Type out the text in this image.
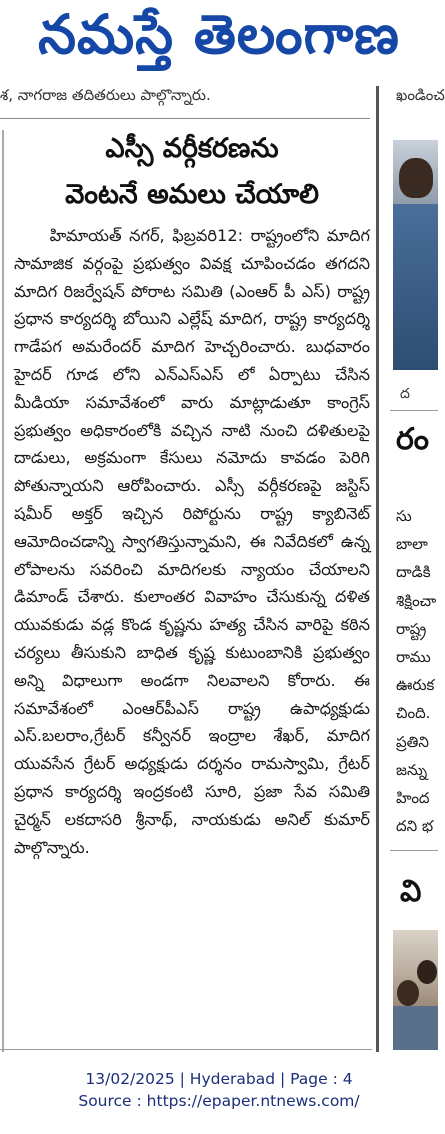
నమస్తే తెలంగాణ
శ, నాగరాజ తదితరులు పాల్గొన్నారు.	ఖండించ
ఎస్సీ వర్గీకరణను
వెంటనే అమలు చేయాలి
హిమాయత్ నగర్, ఫిబ్రవరి12: రాష్ట్రంలోని మాదిగ సామాజిక వర్గంపై ప్రభుత్వం వివక్ష చూపించడం తగదని మాదిగ రిజర్వేషన్ పోరాట సమితి (ఎంఆర్ పీ ఎస్) రాష్ట్ర ప్రధాన కార్యదర్శి బోయిని ఎల్లేష్ మాదిగ, రాష్ట్ర కార్యదర్శి గాడేపగ అమరేందర్ మాదిగ హెచ్చరించారు. బుధవారం హైదర్ గూడ లోని ఎన్ఎస్ఎస్ లో ఏర్పాటు చేసిన మీడియా సమావేశంలో వారు మాట్లాడుతూ కాంగ్రెస్ ప్రభుత్వం అధికారంలోకి వచ్చిన నాటి నుంచి దళితులపై దాడులు, అక్రమంగా కేసులు నమోదు కావడం పెరిగి పోతున్నాయని ఆరోపించారు. ఎస్సీ వర్గీకరణపై జస్టిస్ షమీర్ అక్తర్ ఇచ్చిన రిపోర్టును రాష్ట్ర క్యాబినెట్ ఆమోదించడాన్ని స్వాగతిస్తున్నామని, ఈ నివేదికలో ఉన్న లోపాలను సవరించి మాదిగలకు న్యాయం చేయాలని డిమాండ్ చేశారు. కులాంతర వివాహం చేసుకున్న దళిత యువకుడు వడ్ల కొండ కృష్ణను హత్య చేసిన వారిపై కఠిన చర్యలు తీసుకుని బాధిత కృష్ణ కుటుంబానికి ప్రభుత్వం అన్ని విధాలుగా అండగా నిలవాలని కోరారు. ఈ సమావేశంలో ఎంఆర్‌పీఎస్ రాష్ట్ర ఉపాధ్యక్షుడు ఎస్.బలరాం,గ్రేటర్ కన్వీనర్ ఇంద్రాల శేఖర్, మాదిగ యువసేన గ్రేటర్ అధ్యక్షుడు దర్శనం రామస్వామి, గ్రేటర్ ప్రధాన కార్యదర్శి ఇంద్రకంటి సూరి, ప్రజా సేవ సమితి చైర్మన్ లకదాసరి శ్రీనాథ్, నాయకుడు అనిల్ కుమార్ పాల్గొన్నారు.
ద
రం
సు
బాలా
దాడికి
శిక్షించా
రాష్ట్ర
రాము
ఊరుక
చింది.
ప్రతిని
జన్ను
హింద
దని భ
వి
13/02/2025 | Hyderabad | Page : 4
Source : https://epaper.ntnews.com/
